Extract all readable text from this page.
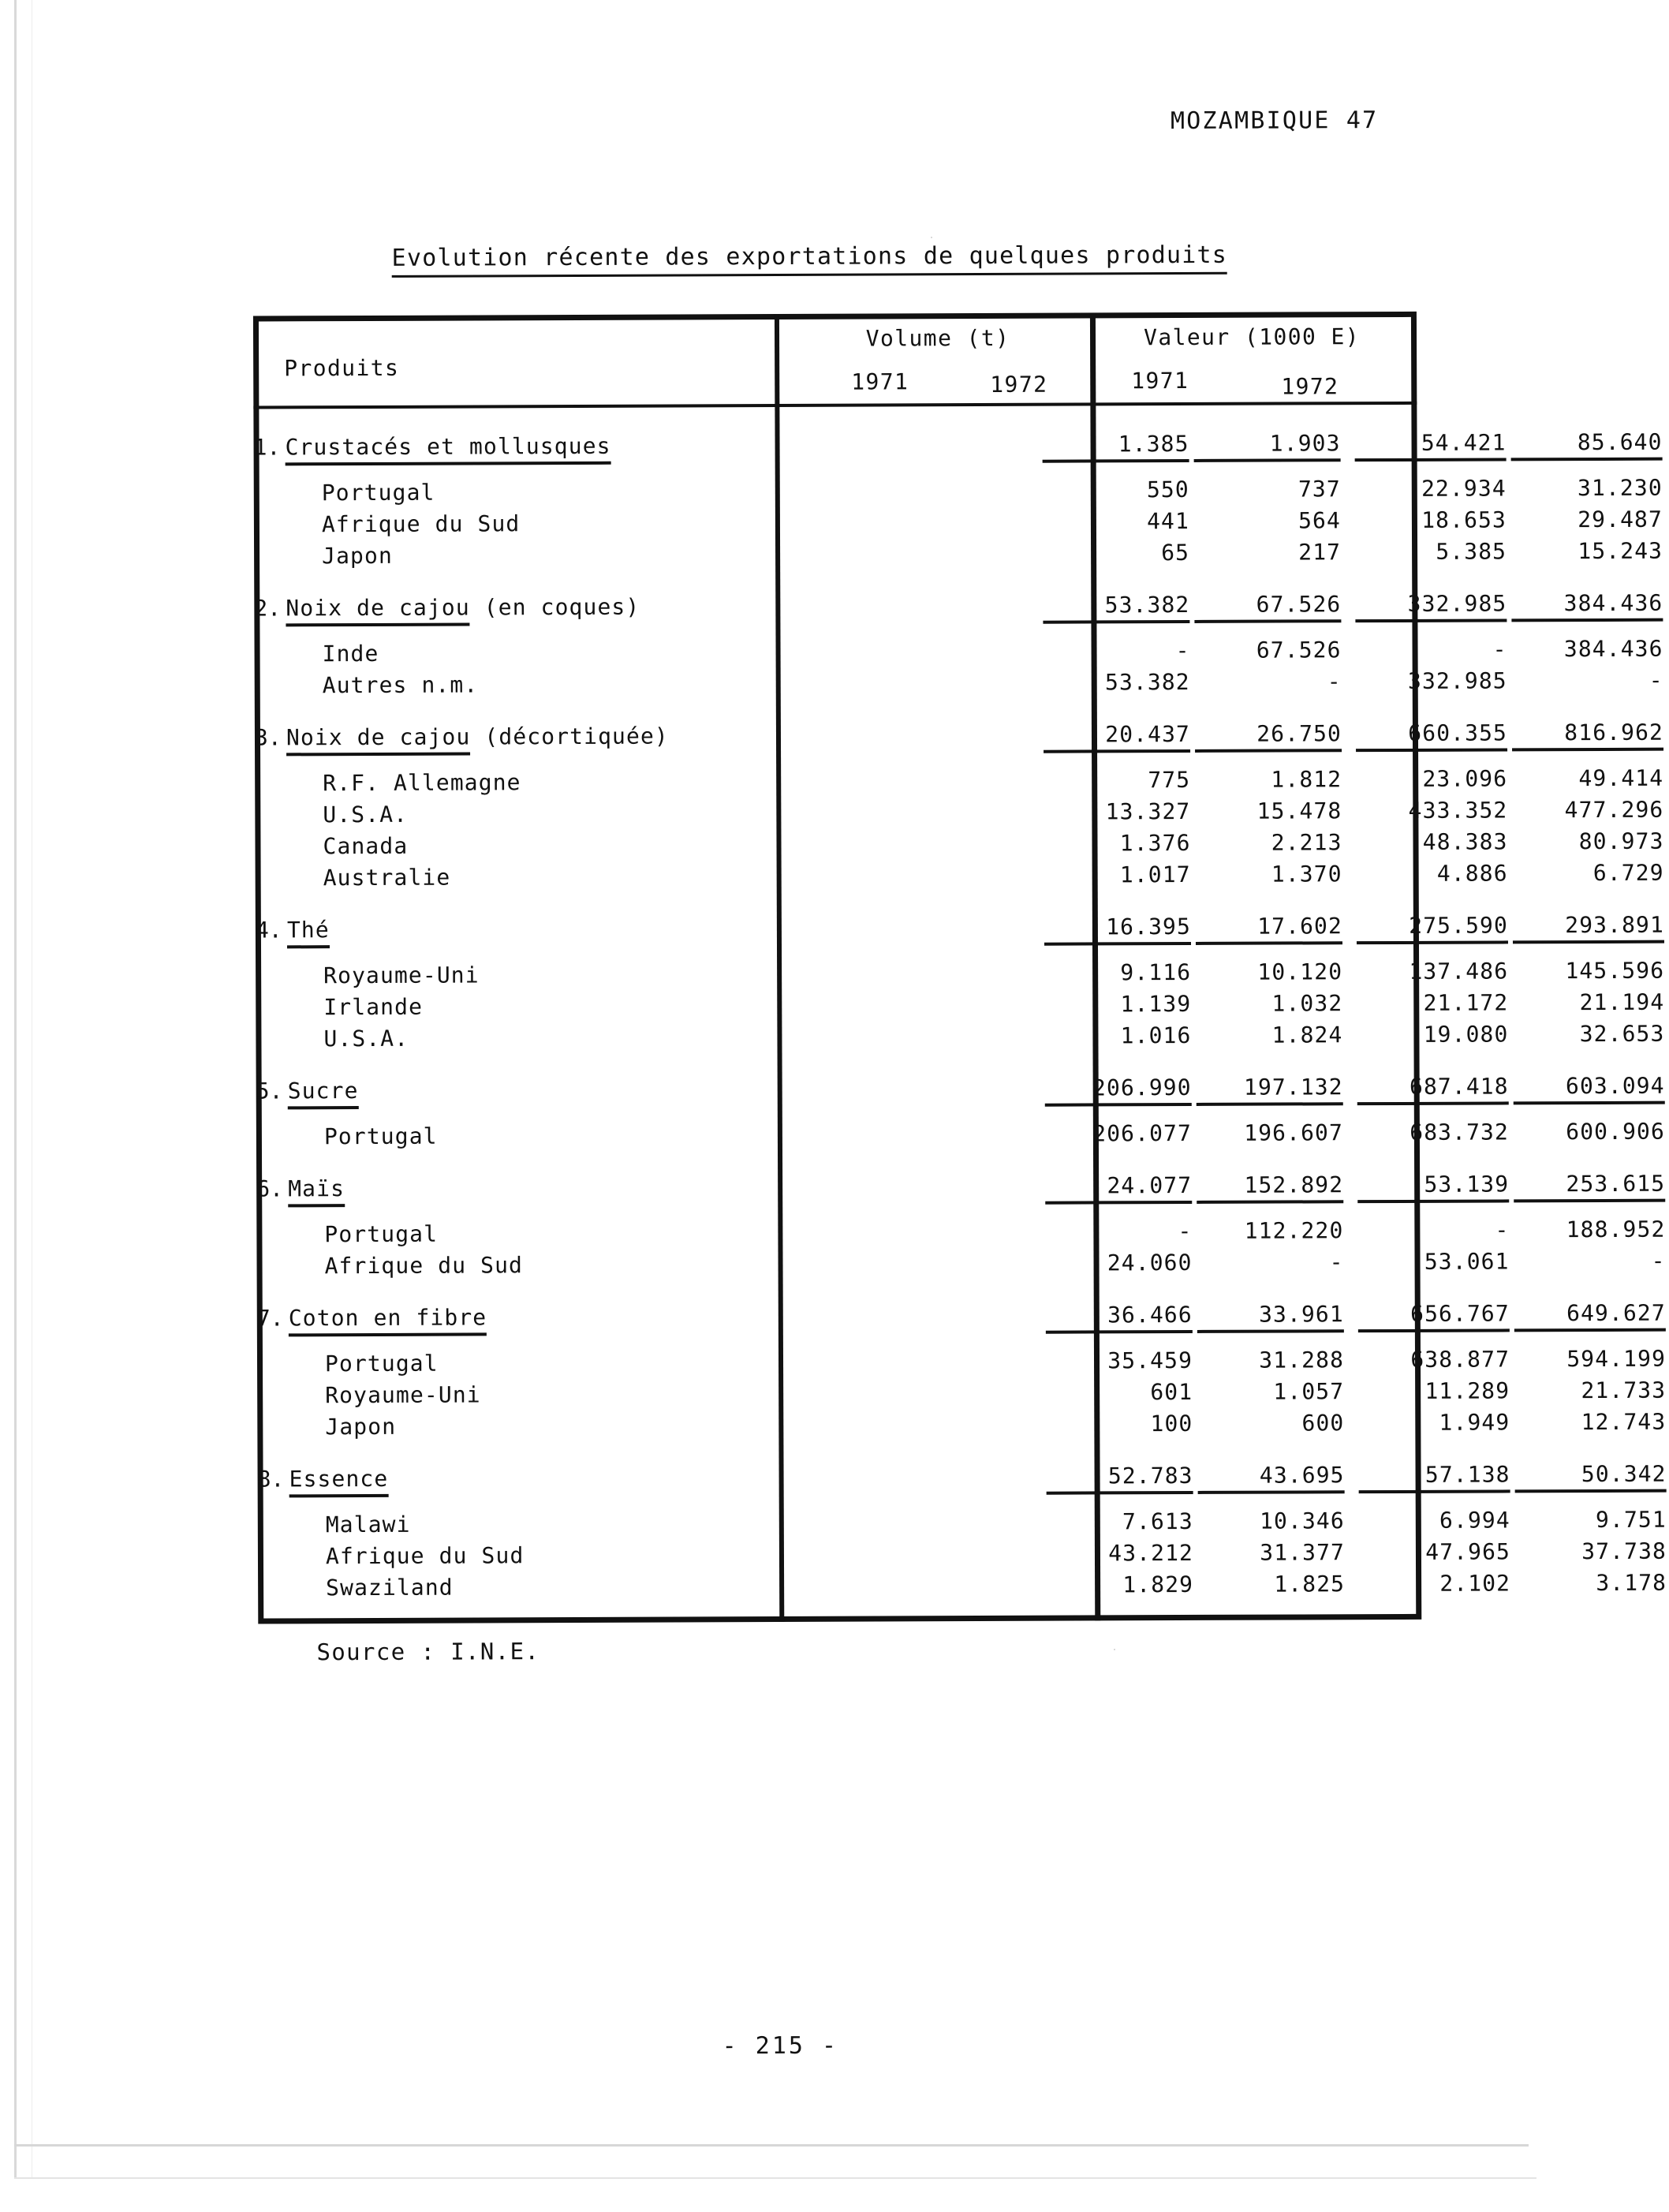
MOZAMBIQUE 47
Evolution récente des exportations de quelques produits
Produits
Volume (t)	Valeur (1000 E)
1971	1972	1971	1972
1. Crustacés et mollusques	1.385	1.903	54.421	85.640
Portugal	550	737	22.934	31.230
Afrique du Sud	441	564	18.653	29.487
Japon	65	217	5.385	15.243
2. Noix de cajou (en coques)	53.382	67.526	332.985	384.436
Inde	-	67.526	-	384.436
Autres n.m.	53.382	-	332.985	-
3. Noix de cajou (décortiquée)	20.437	26.750	660.355	816.962
R.F. Allemagne	775	1.812	23.096	49.414
U.S.A.	13.327	15.478	433.352	477.296
Canada	1.376	2.213	48.383	80.973
Australie	1.017	1.370	4.886	6.729
4. Thé	16.395	17.602	275.590	293.891
Royaume-Uni	9.116	10.120	137.486	145.596
Irlande	1.139	1.032	21.172	21.194
U.S.A.	1.016	1.824	19.080	32.653
5. Sucre	206.990	197.132	687.418	603.094
Portugal	206.077	196.607	683.732	600.906
6. Maïs	24.077	152.892	53.139	253.615
Portugal	-	112.220	-	188.952
Afrique du Sud	24.060	-	53.061	-
7. Coton en fibre	36.466	33.961	656.767	649.627
Portugal	35.459	31.288	638.877	594.199
Royaume-Uni	601	1.057	11.289	21.733
Japon	100	600	1.949	12.743
8. Essence	52.783	43.695	57.138	50.342
Malawi	7.613	10.346	6.994	9.751
Afrique du Sud	43.212	31.377	47.965	37.738
Swaziland	1.829	1.825	2.102	3.178
Source : I.N.E.
- 215 -
